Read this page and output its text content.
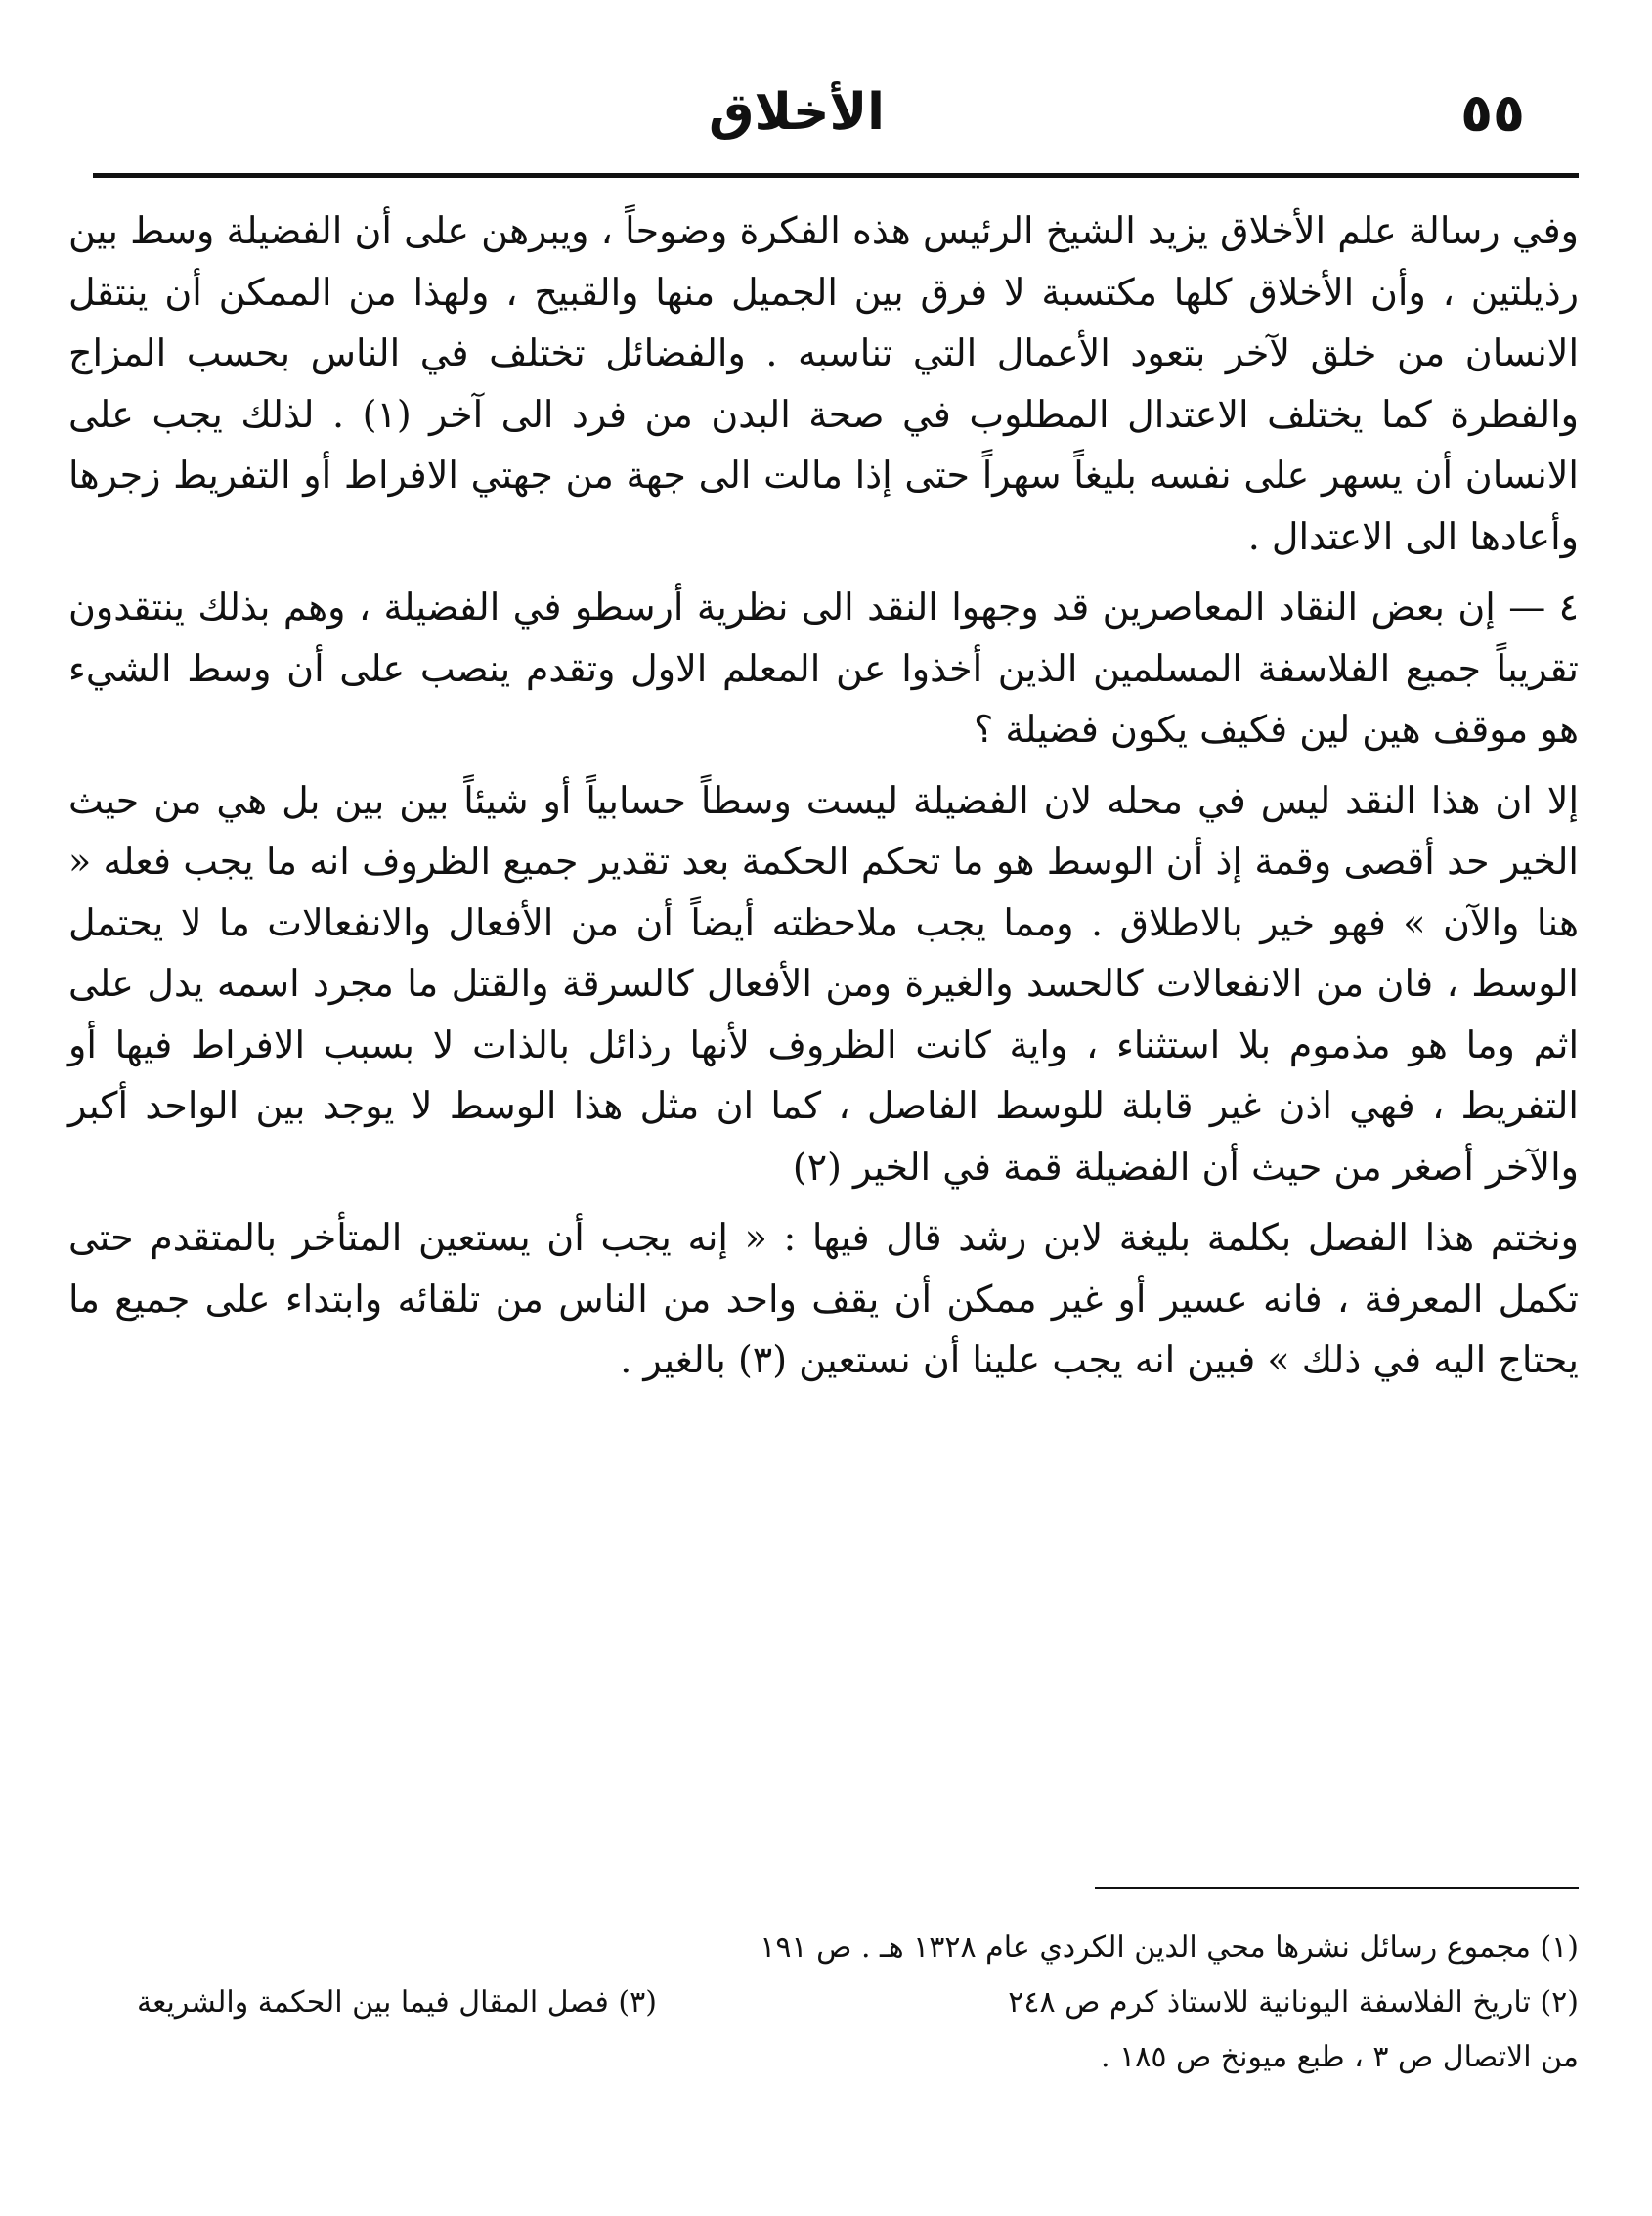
الأخلاق	٥٥

وفي رسالة علم الأخلاق يزيد الشيخ الرئيس هذه الفكرة وضوحاً ، ويبرهن على أن الفضيلة وسط بين رذيلتين ، وأن الأخلاق كلها مكتسبة لا فرق بين الجميل منها والقبيح ، ولهذا من الممكن أن ينتقل الانسان من خلق لآخر بتعود الأعمال التي تناسبه . والفضائل تختلف في الناس بحسب المزاج والفطرة كما يختلف الاعتدال المطلوب في صحة البدن من فرد الى آخر (١) . لذلك يجب على الانسان أن يسهر على نفسه بليغاً سهراً حتى إذا مالت الى جهة من جهتي الافراط أو التفريط زجرها وأعادها الى الاعتدال .

٤ — إن بعض النقاد المعاصرين قد وجهوا النقد الى نظرية أرسطو في الفضيلة ، وهم بذلك ينتقدون تقريباً جميع الفلاسفة المسلمين الذين أخذوا عن المعلم الاول وتقدم ينصب على أن وسط الشيء هو موقف هين لين فكيف يكون فضيلة ؟

إلا ان هذا النقد ليس في محله لان الفضيلة ليست وسطاً حسابياً أو شيئاً بين بين بل هي من حيث الخير حد أقصى وقمة إذ أن الوسط هو ما تحكم الحكمة بعد تقدير جميع الظروف انه ما يجب فعله « هنا والآن » فهو خير بالاطلاق . ومما يجب ملاحظته أيضاً أن من الأفعال والانفعالات ما لا يحتمل الوسط ، فان من الانفعالات كالحسد والغيرة ومن الأفعال كالسرقة والقتل ما مجرد اسمه يدل على اثم وما هو مذموم بلا استثناء ، واية كانت الظروف لأنها رذائل بالذات لا بسبب الافراط فيها أو التفريط ، فهي اذن غير قابلة للوسط الفاصل ، كما ان مثل هذا الوسط لا يوجد بين الواحد أكبر والآخر أصغر من حيث أن الفضيلة قمة في الخير (٢)

ونختم هذا الفصل بكلمة بليغة لابن رشد قال فيها : « إنه يجب أن يستعين المتأخر بالمتقدم حتى تكمل المعرفة ، فانه عسير أو غير ممكن أن يقف واحد من الناس من تلقائه وابتداء على جميع ما يحتاج اليه في ذلك » فبين انه يجب علينا أن نستعين (٣) بالغير .

(١) مجموع رسائل نشرها محي الدين الكردي عام ١٣٢٨ هـ . ص ١٩١

(٢) تاريخ الفلاسفة اليونانية للاستاذ كرم ص ٢٤٨
(٣) فصل المقال فيما بين الحكمة والشريعة

من الاتصال ص ٣ ، طبع ميونخ ص ١٨٥ .
